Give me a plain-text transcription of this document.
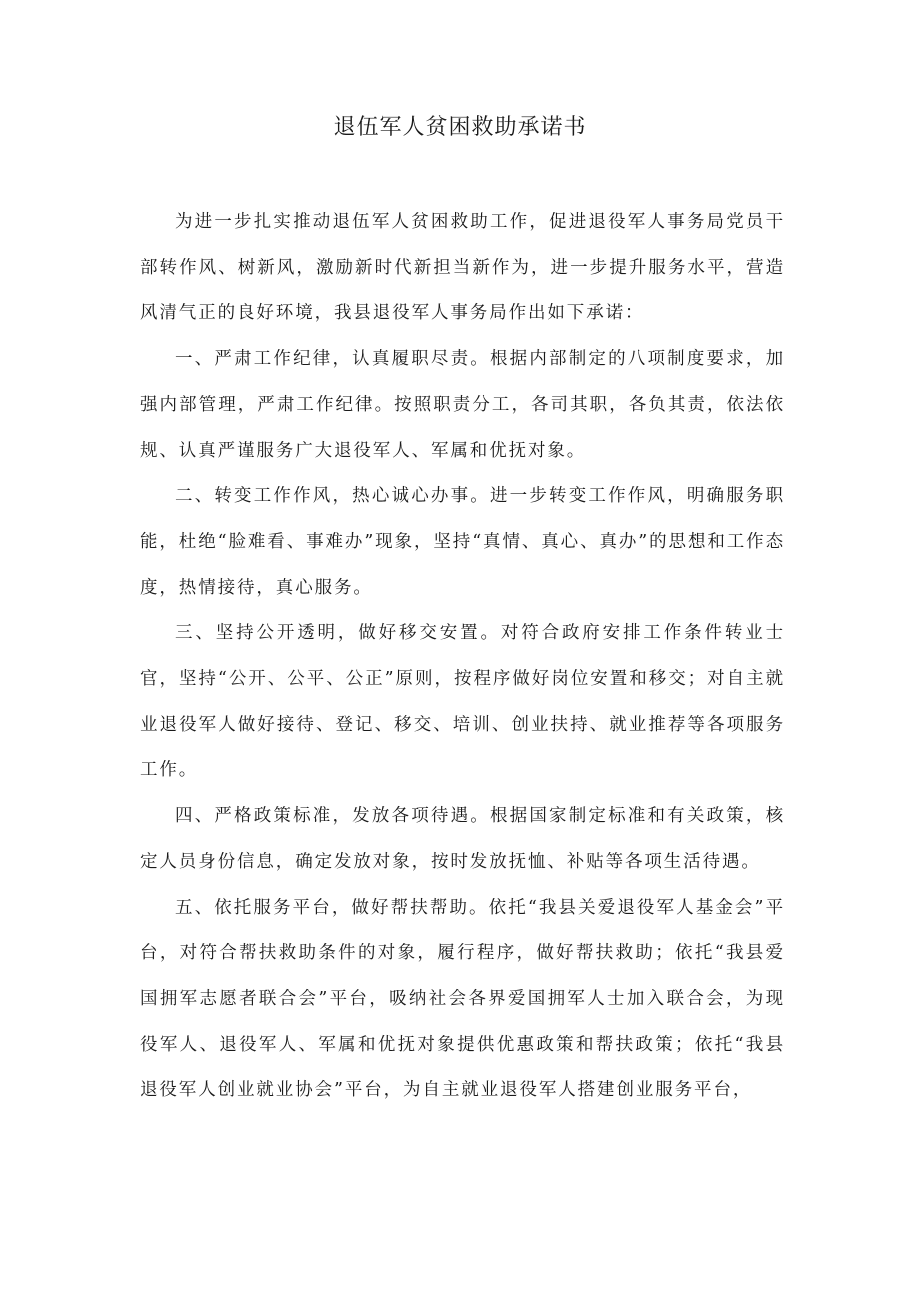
退伍军人贫困救助承诺书

为进一步扎实推动退伍军人贫困救助工作，促进退役军人事务局党员干部转作风、树新风，激励新时代新担当新作为，进一步提升服务水平，营造风清气正的良好环境，我县退役军人事务局作出如下承诺：

一、严肃工作纪律，认真履职尽责。根据内部制定的八项制度要求，加强内部管理，严肃工作纪律。按照职责分工，各司其职，各负其责，依法依规、认真严谨服务广大退役军人、军属和优抚对象。

二、转变工作作风，热心诚心办事。进一步转变工作作风，明确服务职能，杜绝“脸难看、事难办”现象，坚持“真情、真心、真办”的思想和工作态度，热情接待，真心服务。

三、坚持公开透明，做好移交安置。对符合政府安排工作条件转业士官，坚持“公开、公平、公正”原则，按程序做好岗位安置和移交；对自主就业退役军人做好接待、登记、移交、培训、创业扶持、就业推荐等各项服务工作。

四、严格政策标准，发放各项待遇。根据国家制定标准和有关政策，核定人员身份信息，确定发放对象，按时发放抚恤、补贴等各项生活待遇。

五、依托服务平台，做好帮扶帮助。依托“我县关爱退役军人基金会”平台，对符合帮扶救助条件的对象，履行程序，做好帮扶救助；依托“我县爱国拥军志愿者联合会”平台，吸纳社会各界爱国拥军人士加入联合会，为现役军人、退役军人、军属和优抚对象提供优惠政策和帮扶政策；依托“我县退役军人创业就业协会”平台，为自主就业退役军人搭建创业服务平台，
